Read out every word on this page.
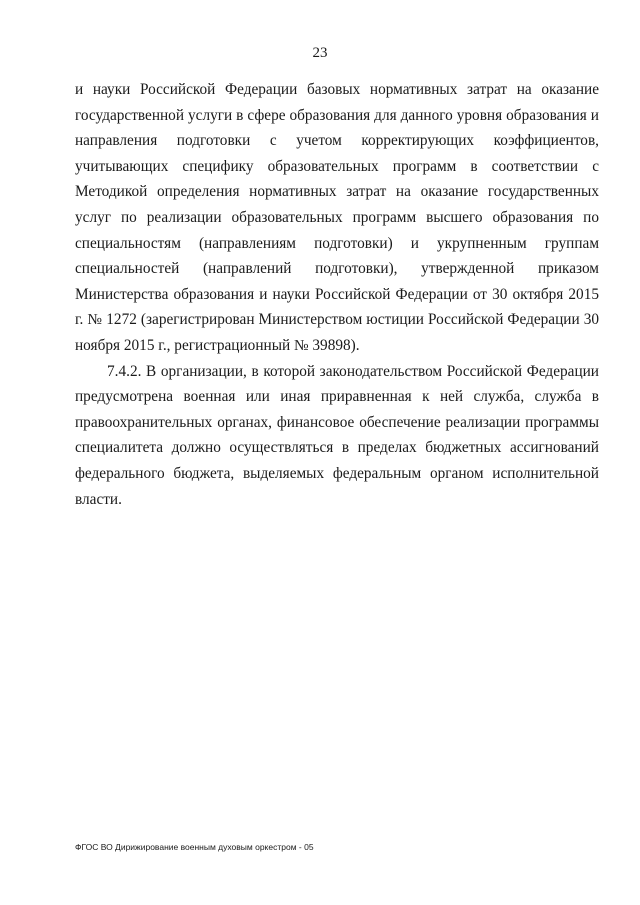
23

и науки Российской Федерации базовых нормативных затрат на оказание государственной услуги в сфере образования для данного уровня образования и направления подготовки с учетом корректирующих коэффициентов, учитывающих специфику образовательных программ в соответствии с Методикой определения нормативных затрат на оказание государственных услуг по реализации образовательных программ высшего образования по специальностям (направлениям подготовки) и укрупненным группам специальностей (направлений подготовки), утвержденной приказом Министерства образования и науки Российской Федерации от 30 октября 2015 г. № 1272 (зарегистрирован Министерством юстиции Российской Федерации 30 ноября 2015 г., регистрационный № 39898).

7.4.2. В организации, в которой законодательством Российской Федерации предусмотрена военная или иная приравненная к ней служба, служба в правоохранительных органах, финансовое обеспечение реализации программы специалитета должно осуществляться в пределах бюджетных ассигнований федерального бюджета, выделяемых федеральным органом исполнительной власти.

ФГОС ВО Дирижирование военным духовым оркестром - 05
